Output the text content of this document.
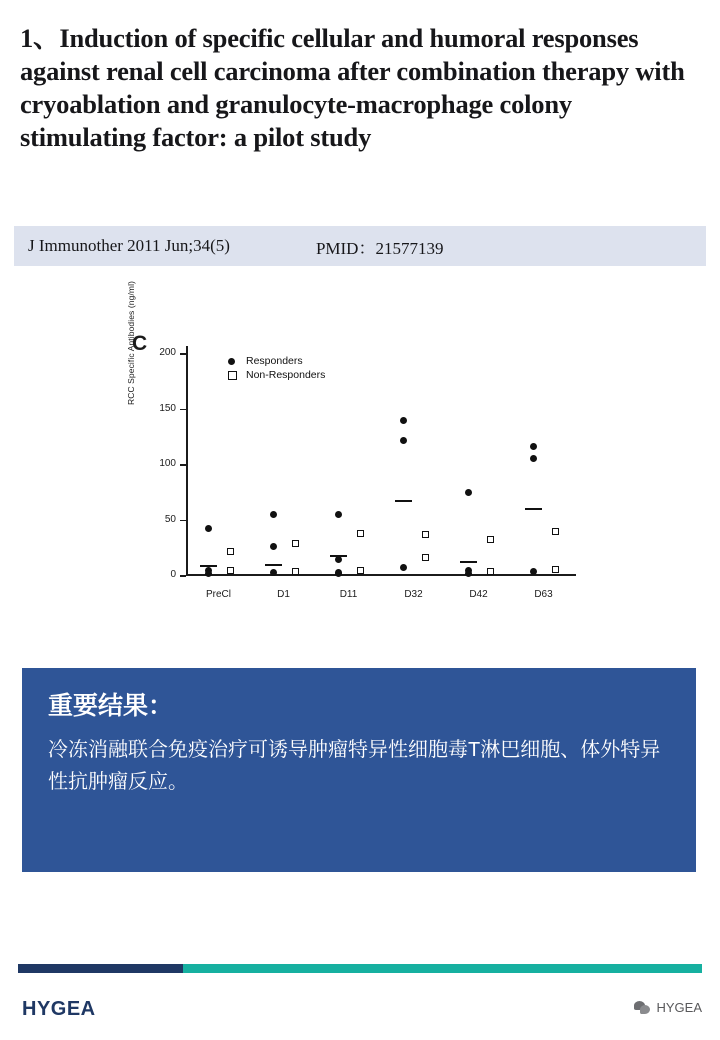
1、Induction of specific cellular and humoral responses against renal cell carcinoma after combination therapy with cryoablation and granulocyte-macrophage colony stimulating factor: a pilot study
J Immunother 2011 Jun;34(5)	PMID：21577139
C
RCC Specific Antibodies (ng/ml)	Responders
Non-Responders
0
50
100
150
200
PreCl	D1	D11	D32	D42	D63
重要结果：
冷冻消融联合免疫治疗可诱导肿瘤特异性细胞毒T淋巴细胞、体外特异性抗肿瘤反应。
HYGEA	HYGEA
